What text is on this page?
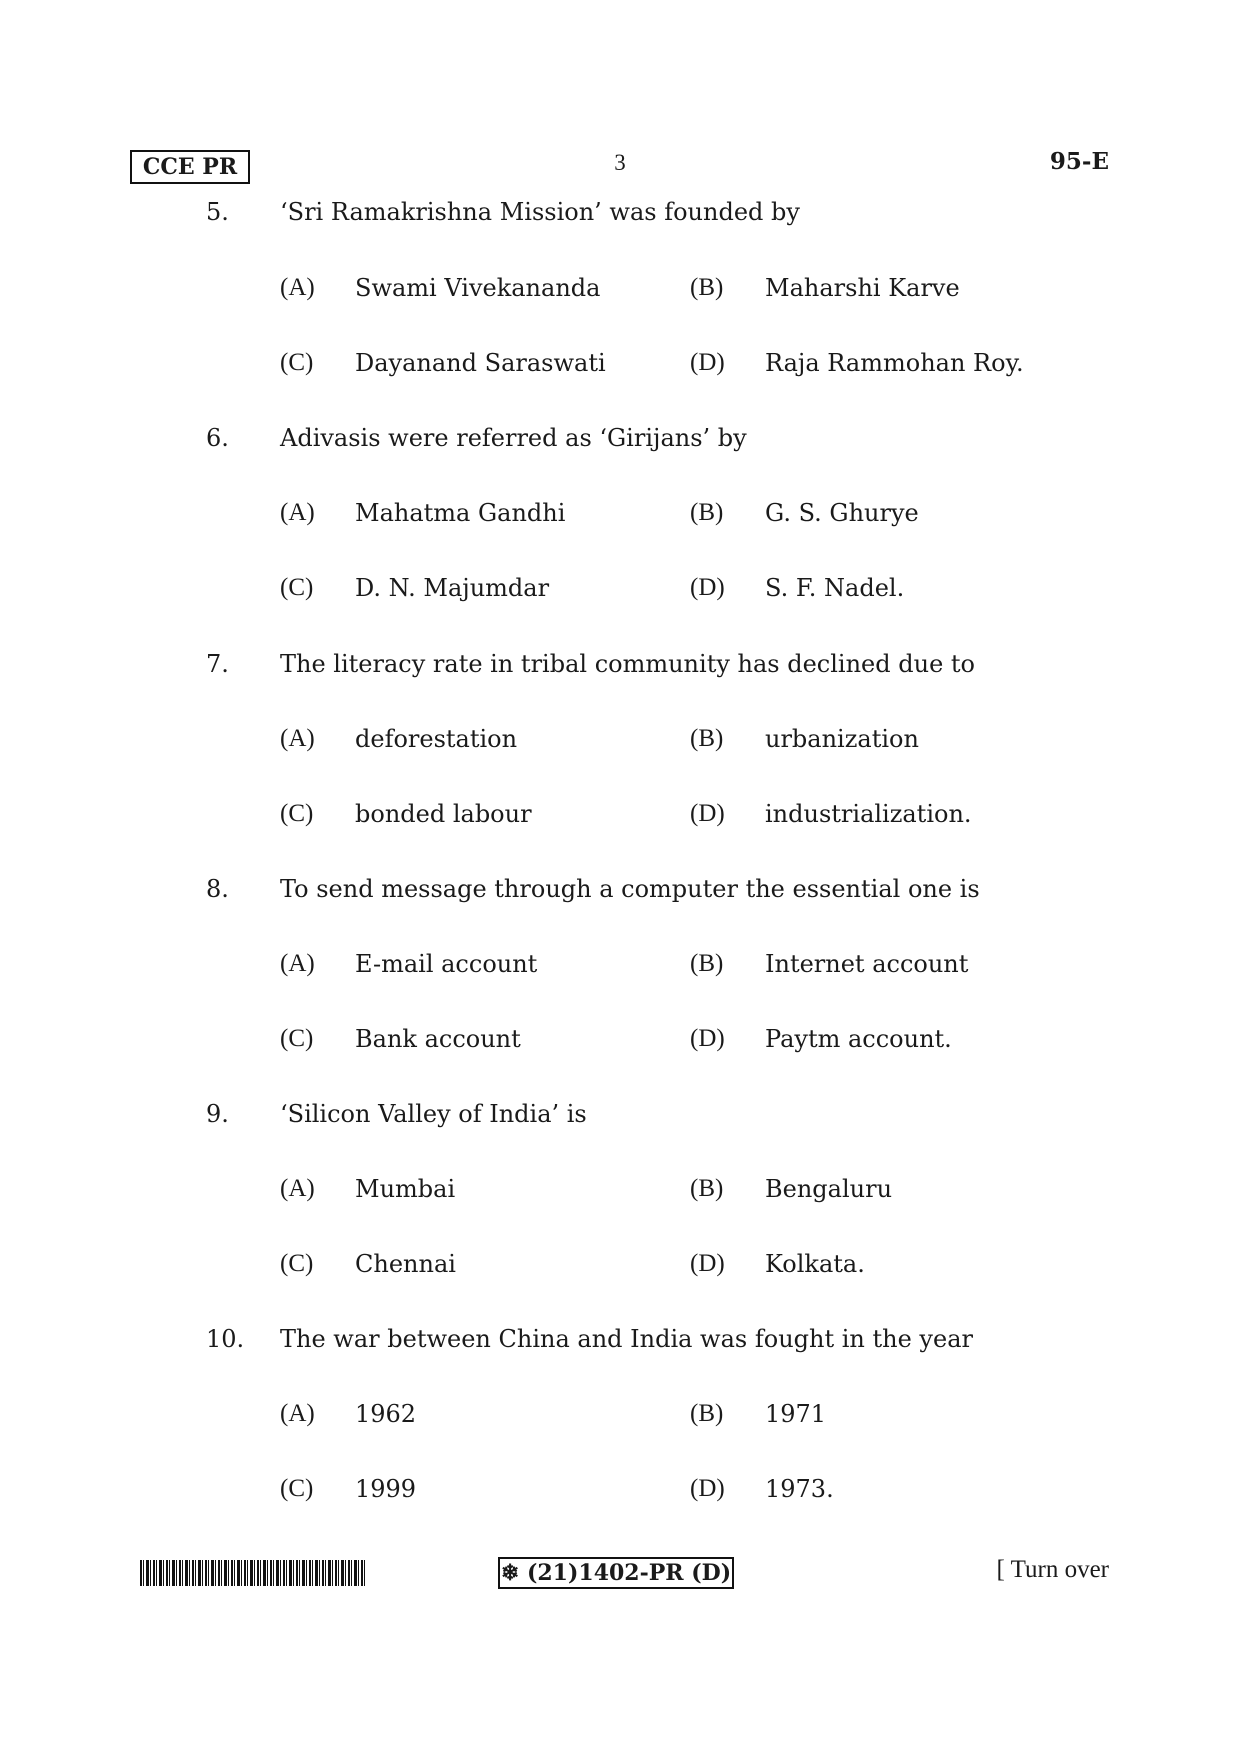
CCE PR	3	95-E
5. ‘Sri Ramakrishna Mission’ was founded by
(A) Swami Vivekananda	(B) Maharshi Karve
(C) Dayanand Saraswati	(D) Raja Rammohan Roy.
6. Adivasis were referred as ‘Girijans’ by
(A) Mahatma Gandhi	(B) G. S. Ghurye
(C) D. N. Majumdar	(D) S. F. Nadel.
7. The literacy rate in tribal community has declined due to
(A) deforestation	(B) urbanization
(C) bonded labour	(D) industrialization.
8. To send message through a computer the essential one is
(A) E-mail account	(B) Internet account
(C) Bank account	(D) Paytm account.
9. ‘Silicon Valley of India’ is
(A) Mumbai	(B) Bengaluru
(C) Chennai	(D) Kolkata.
10. The war between China and India was fought in the year
(A) 1962	(B) 1971
(C) 1999	(D) 1973.
❄ (21)1402-PR (D)	[ Turn over
